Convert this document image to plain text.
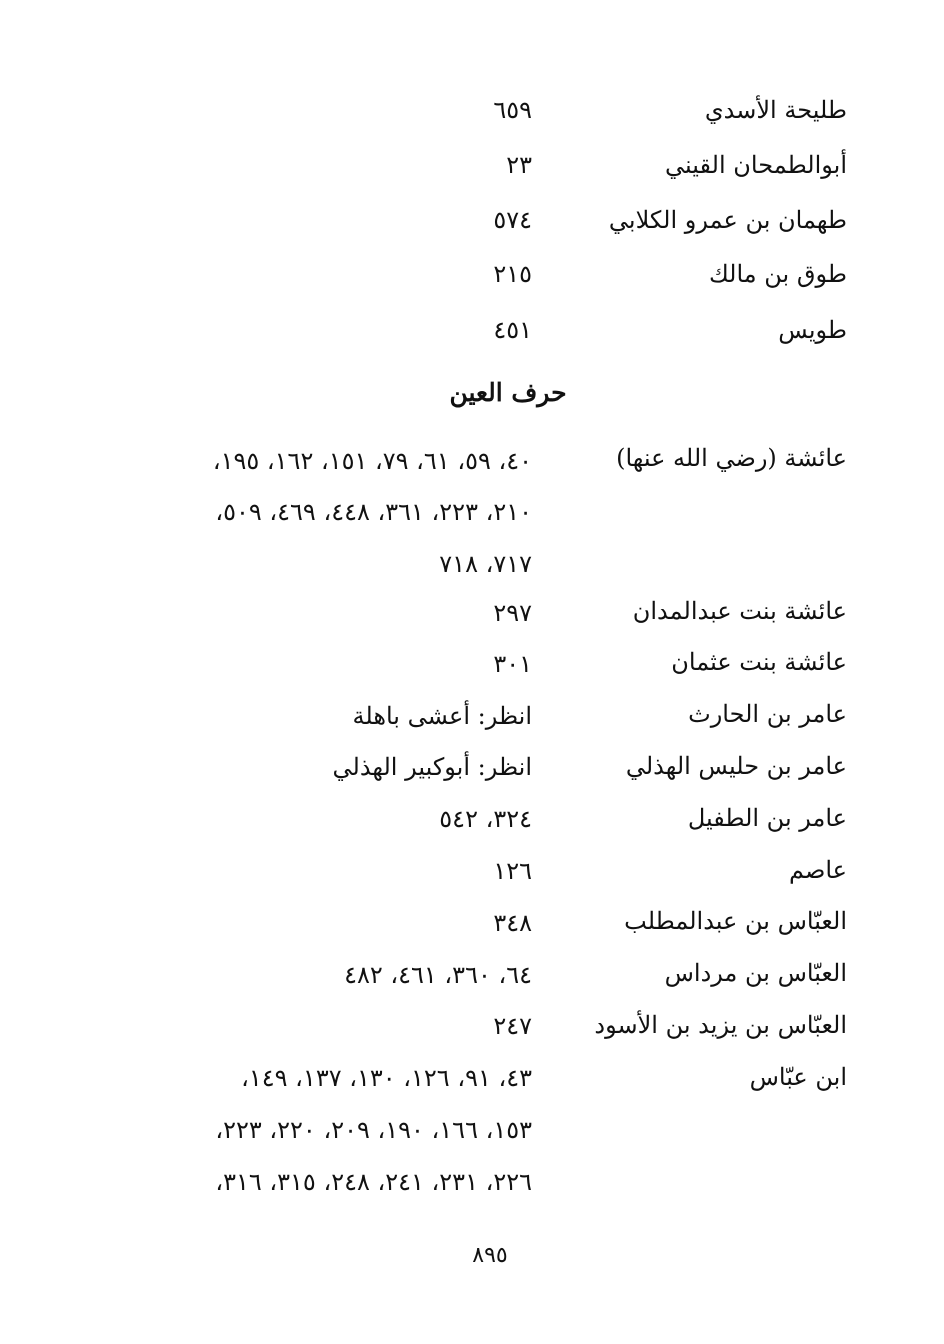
طليحة الأسدي
٦٥٩
أبوالطمحان القيني
٢٣
طهمان بن عمرو الكلابي
٥٧٤
طوق بن مالك
٢١٥
طويس
٤٥١
حرف العين
عائشة (رضي الله عنها)
٤٠، ٥٩، ٦١، ٧٩، ١٥١، ١٦٢، ١٩٥،
٢١٠، ٢٢٣، ٣٦١، ٤٤٨، ٤٦٩، ٥٠٩،
٧١٧، ٧١٨
عائشة بنت عبدالمدان
٢٩٧
عائشة بنت عثمان
٣٠١
عامر بن الحارث
انظر: أعشى باهلة
عامر بن حليس الهذلي
انظر: أبوكبير الهذلي
عامر بن الطفيل
٣٢٤، ٥٤٢
عاصم
١٢٦
العبّاس بن عبدالمطلب
٣٤٨
العبّاس بن مرداس
٦٤، ٣٦٠، ٤٦١، ٤٨٢
العبّاس بن يزيد بن الأسود
٢٤٧
ابن عبّاس
٤٣، ٩١، ١٢٦، ١٣٠، ١٣٧، ١٤٩،
١٥٣، ١٦٦، ١٩٠، ٢٠٩، ٢٢٠، ٢٢٣،
٢٢٦، ٢٣١، ٢٤١، ٢٤٨، ٣١٥، ٣١٦،
٨٩٥
